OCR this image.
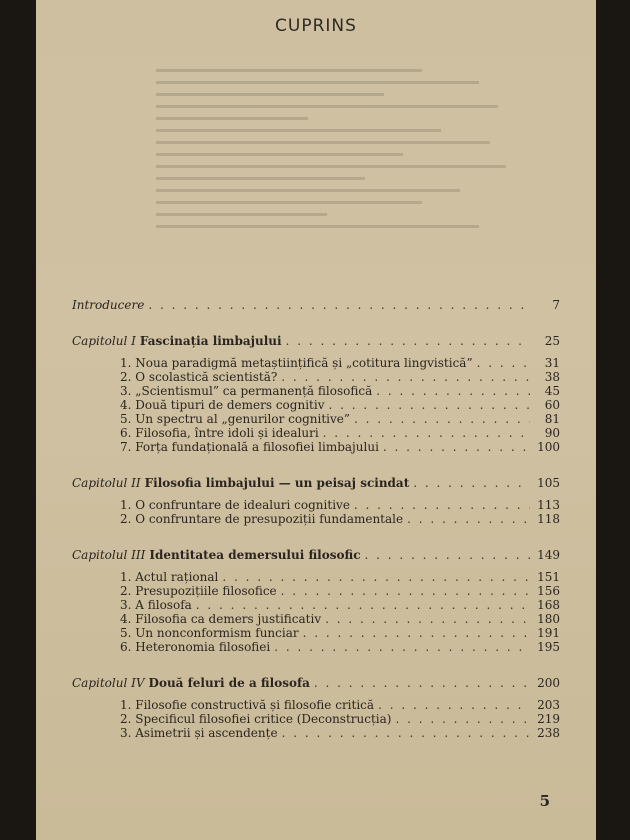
CUPRINS
Introducere . . .	7
Capitolul I Fascinația limbajului . . .	25
1. Noua paradigmă metaștiințifică și „cotitura lingvistică” . . .	31
2. O scolastică scientistă? . . .	38
3. „Scientismul” ca permanență filosofică . . .	45
4. Două tipuri de demers cognitiv . . .	60
5. Un spectru al „genurilor cognitive” . . .	81
6. Filosofia, între idoli și idealuri . . .	90
7. Forța fundațională a filosofiei limbajului . . .	100
Capitolul II Filosofia limbajului — un peisaj scindat . . .	105
1. O confruntare de idealuri cognitive . . .	113
2. O confruntare de presupoziții fundamentale . . .	118
Capitolul III Identitatea demersului filosofic . . .	149
1. Actul rațional . . .	151
2. Presupozițiile filosofice . . .	156
3. A filosofa . . .	168
4. Filosofia ca demers justificativ . . .	180
5. Un nonconformism funciar . . .	191
6. Heteronomia filosofiei . . .	195
Capitolul IV Două feluri de a filosofa . . .	200
1. Filosofie constructivă și filosofie critică . . .	203
2. Specificul filosofiei critice (Deconstrucția) . . .	219
3. Asimetrii și ascendențe . . .	238
5
